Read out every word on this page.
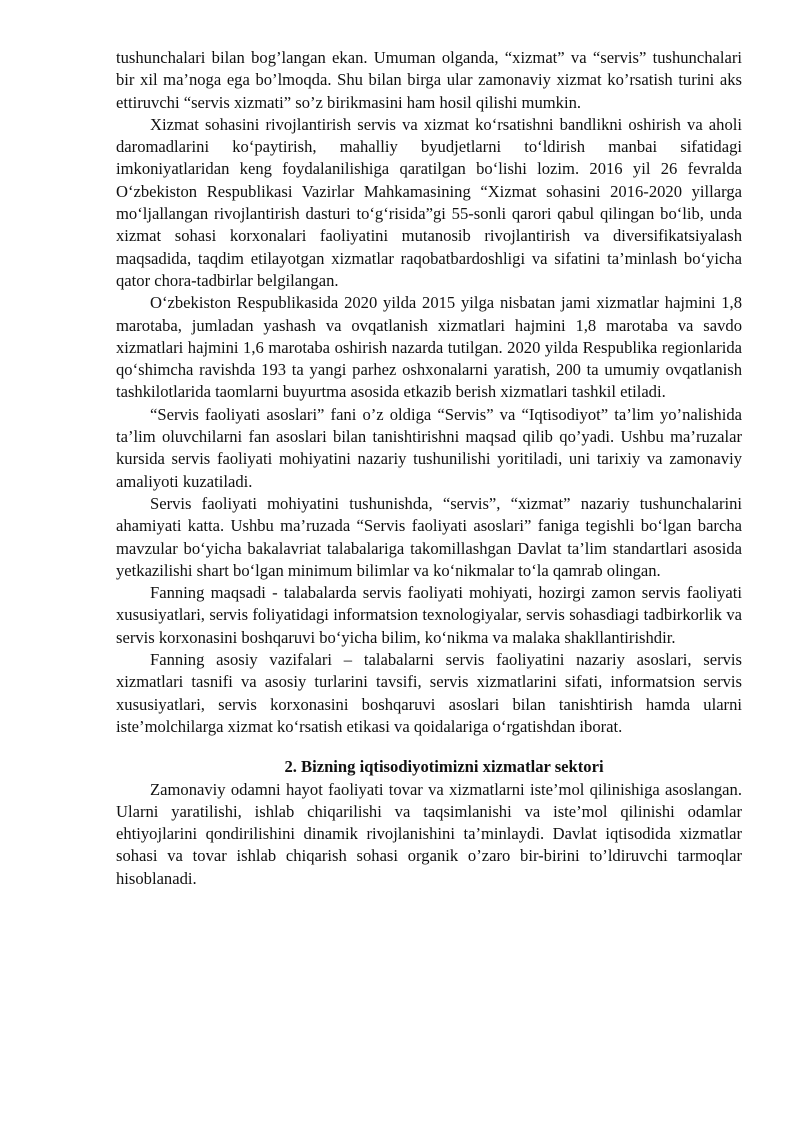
tushunchalari bilan bog’langan ekan. Umuman olganda, “xizmat” va “servis” tushunchalari bir xil ma’noga ega bo’lmoqda. Shu bilan birga ular zamonaviy xizmat ko’rsatish turini aks ettiruvchi “servis xizmati” so’z birikmasini ham hosil qilishi mumkin.

Xizmat sohasini rivojlantirish servis va xizmat ko‘rsatishni bandlikni oshirish va aholi daromadlarini ko‘paytirish, mahalliy byudjetlarni to‘ldirish manbai sifatidagi imkoniyatlaridan keng foydalanilishiga qaratilgan bo‘lishi lozim. 2016 yil 26 fevralda O‘zbekiston Respublikasi Vazirlar Mahkamasining “Xizmat sohasini 2016-2020 yillarga mo‘ljallangan rivojlantirish dasturi to‘g‘risida”gi 55-sonli qarori qabul qilingan bo‘lib, unda xizmat sohasi korxonalari faoliyatini mutanosib rivojlantirish va diversifikatsiyalash maqsadida, taqdim etilayotgan xizmatlar raqobatbardoshligi va sifatini ta’minlash bo‘yicha qator chora-tadbirlar belgilangan.

O‘zbekiston Respublikasida 2020 yilda 2015 yilga nisbatan jami xizmatlar hajmini 1,8 marotaba, jumladan yashash va ovqatlanish xizmatlari hajmini 1,8 marotaba va savdo xizmatlari hajmini 1,6 marotaba oshirish nazarda tutilgan. 2020 yilda Respublika regionlarida qo‘shimcha ravishda 193 ta yangi parhez oshxonalarni yaratish, 200 ta umumiy ovqatlanish tashkilotlarida taomlarni buyurtma asosida etkazib berish xizmatlari tashkil etiladi.

“Servis faoliyati asoslari” fani o’z oldiga “Servis” va “Iqtisodiyot” ta’lim yo’nalishida ta’lim oluvchilarni fan asoslari bilan tanishtirishni maqsad qilib qo’yadi. Ushbu ma’ruzalar kursida servis faoliyati mohiyatini nazariy tushunilishi yoritiladi, uni tarixiy va zamonaviy amaliyoti kuzatiladi.

Servis faoliyati mohiyatini tushunishda, “servis”, “xizmat” nazariy tushunchalarini ahamiyati katta. Ushbu ma’ruzada “Servis faoliyati asoslari” faniga tegishli bo‘lgan barcha mavzular bo‘yicha bakalavriat talabalariga takomillashgan Davlat ta’lim standartlari asosida yetkazilishi shart bo‘lgan minimum bilimlar va ko‘nikmalar to‘la qamrab olingan.

Fanning maqsadi - talabalarda servis faoliyati mohiyati, hozirgi zamon servis faoliyati xususiyatlari, servis foliyatidagi informatsion texnologiyalar, servis sohasdiagi tadbirkorlik va servis korxonasini boshqaruvi bo‘yicha bilim, ko‘nikma va malaka shakllantirishdir.

Fanning asosiy vazifalari – talabalarni servis faoliyatini nazariy asoslari, servis xizmatlari tasnifi va asosiy turlarini tavsifi, servis xizmatlarini sifati, informatsion servis xususiyatlari, servis korxonasini boshqaruvi asoslari bilan tanishtirish hamda ularni iste’molchilarga xizmat ko‘rsatish etikasi va qoidalariga o‘rgatishdan iborat.

2. Bizning iqtisodiyotimizni xizmatlar sektori

Zamonaviy odamni hayot faoliyati tovar va xizmatlarni iste’mol qilinishiga asoslangan. Ularni yaratilishi, ishlab chiqarilishi va taqsimlanishi va iste’mol qilinishi odamlar ehtiyojlarini qondirilishini dinamik rivojlanishini ta’minlaydi. Davlat iqtisodida xizmatlar sohasi va tovar ishlab chiqarish sohasi organik o’zaro bir-birini to’ldiruvchi tarmoqlar hisoblanadi.
